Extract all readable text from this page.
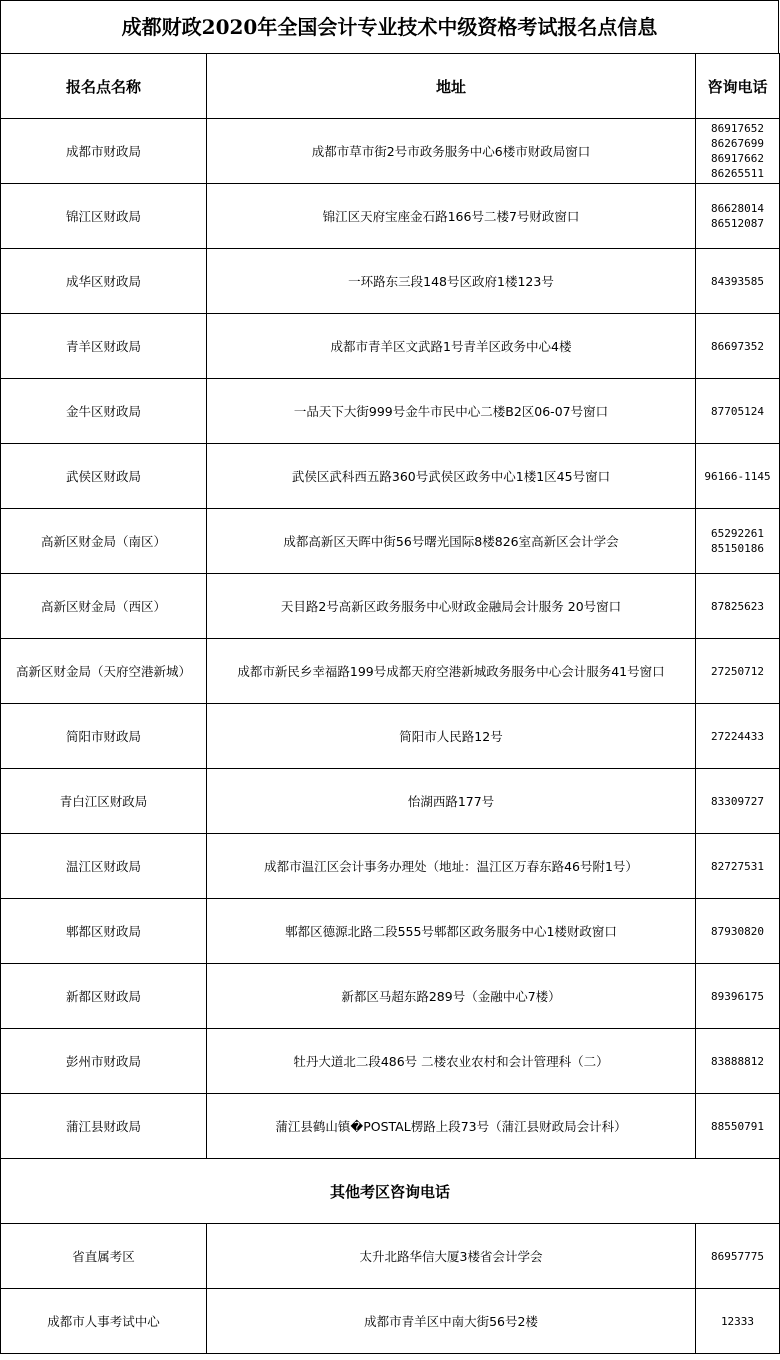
成都财政2020年全国会计专业技术中级资格考试报名点信息
报名点名称	地址	咨询电话
成都市财政局	成都市草市街2号市政务服务中心6楼市财政局窗口	86917652
86267699
86917662
86265511

锦江区财政局	锦江区天府宝座金石路166号二楼7号财政窗口	86628014
86512087

成华区财政局	一环路东三段148号区政府1楼123号	84393585

青羊区财政局	成都市青羊区文武路1号青羊区政务中心4楼	86697352

金牛区财政局	一品天下大街999号金牛市民中心二楼B2区06-07号窗口	87705124

武侯区财政局	武侯区武科西五路360号武侯区政务中心1楼1区45号窗口	96166-1145

高新区财金局（南区）	成都高新区天晖中街56号曙光国际8楼826室高新区会计学会	65292261
85150186

高新区财金局（西区）	天目路2号高新区政务服务中心财政金融局会计服务 20号窗口	87825623

高新区财金局（天府空港新城）	成都市新民乡幸福路199号成都天府空港新城政务服务中心会计服务41号窗口	27250712

简阳市财政局	简阳市人民路12号	27224433

青白江区财政局	怡湖西路177号	83309727

温江区财政局	成都市温江区会计事务办理处（地址：温江区万春东路46号附1号）	82727531

郫都区财政局	郫都区德源北路二段555号郫都区政务服务中心1楼财政窗口	87930820

新都区财政局	新都区马超东路289号（金融中心7楼）	89396175

彭州市财政局	牡丹大道北二段486号 二楼农业农村和会计管理科（二）	83888812

蒲江县财政局	蒲江县鹤山镇�POSTAL楞路上段73号（蒲江县财政局会计科）	88550791

其他考区咨询电话		
省直属考区	太升北路华信大厦3楼省会计学会	86957775

成都市人事考试中心	成都市青羊区中南大街56号2楼	12333
